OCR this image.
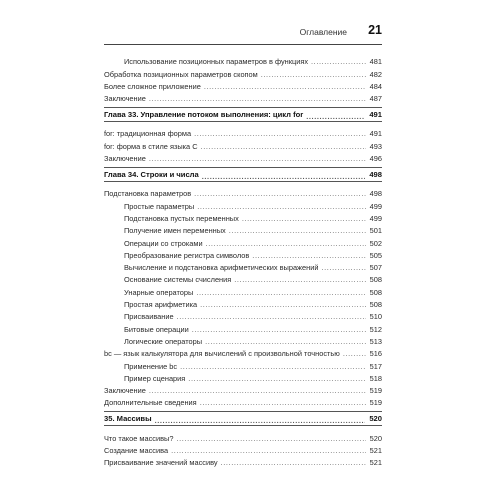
Оглавление 21
Использование позиционных параметров в функциях .....	481
Обработка позиционных параметров скопом .....	482
Более сложное приложение .....	484
Заключение .....	487
Глава 33. Управление потоком выполнения: цикл for .....	491
for: традиционная форма .....	491
for: форма в стиле языка C .....	493
Заключение .....	496
Глава 34. Строки и числа .....	498
Подстановка параметров .....	498
Простые параметры .....	499
Подстановка пустых переменных .....	499
Получение имен переменных .....	501
Операции со строками .....	502
Преобразование регистра символов .....	505
Вычисление и подстановка арифметических выражений .....	507
Основание системы счисления .....	508
Унарные операторы .....	508
Простая арифметика .....	508
Присваивание .....	510
Битовые операции .....	512
Логические операторы .....	513
bc — язык калькулятора для вычислений с произвольной точностью .....	516
Применение bc .....	517
Пример сценария .....	518
Заключение .....	519
Дополнительные сведения .....	519
35. Массивы .....	520
Что такое массивы? .....	520
Создание массива .....	521
Присваивание значений массиву .....	521
